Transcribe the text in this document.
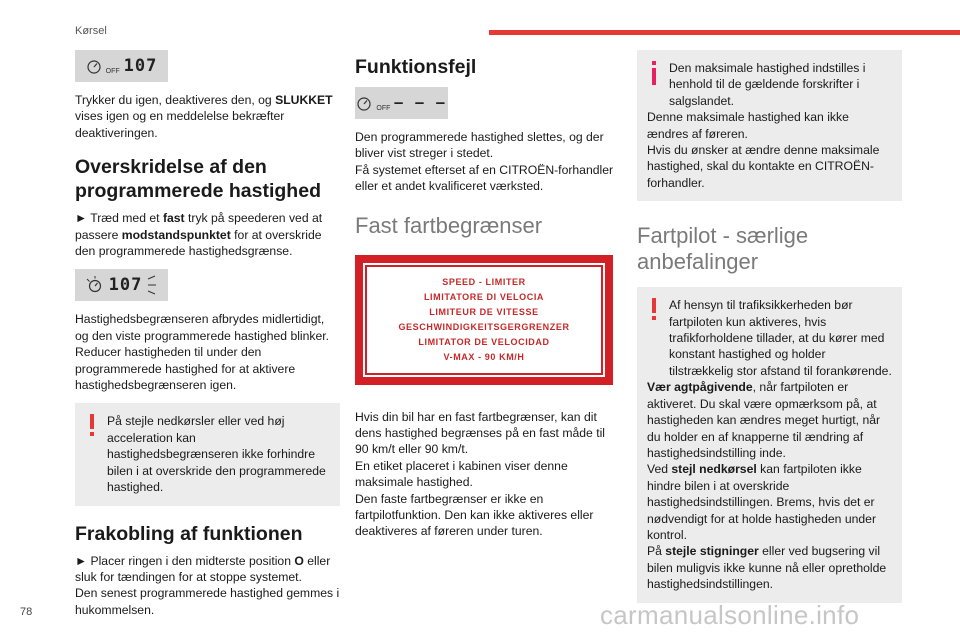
Kørsel
OFF 107

Trykker du igen, deaktiveres den, og SLUKKET vises igen og en meddelelse bekræfter deaktiveringen.

Overskridelse af den programmerede hastighed

► Træd med et fast tryk på speederen ved at passere modstandspunktet for at overskride den programmerede hastighedsgrænse.

107

Hastighedsbegrænseren afbrydes midlertidigt, og den viste programmerede hastighed blinker. Reducer hastigheden til under den programmerede hastighed for at aktivere hastighedsbegrænseren igen.

På stejle nedkørsler eller ved høj acceleration kan hastighedsbegrænseren ikke forhindre bilen i at overskride den programmerede hastighed.

Frakobling af funktionen

► Placer ringen i den midterste position O eller sluk for tændingen for at stoppe systemet.

Den senest programmerede hastighed gemmes i hukommelsen.

Funktionsfejl
OFF – – –

Den programmerede hastighed slettes, og der bliver vist streger i stedet.

Få systemet efterset af en CITROËN-forhandler eller et andet kvalificeret værksted.

Fast fartbegrænser
SPEED - LIMITER
LIMITATORE DI VELOCIA
LIMITEUR DE VITESSE
GESCHWINDIGKEITSGERGRENZER
LIMITATOR DE VELOCIDAD
V-MAX - 90 KM/H

Hvis din bil har en fast fartbegrænser, kan dit dens hastighed begrænses på en fast måde til 90 km/t eller 90 km/t.

En etiket placeret i kabinen viser denne maksimale hastighed.

Den faste fartbegrænser er ikke en fartpilotfunktion. Den kan ikke aktiveres eller deaktiveres af føreren under turen.

Den maksimale hastighed indstilles i henhold til de gældende forskrifter i salgslandet.

Denne maksimale hastighed kan ikke ændres af føreren.

Hvis du ønsker at ændre denne maksimale hastighed, skal du kontakte en CITROËN-forhandler.

Fartpilot - særlige anbefalinger

Af hensyn til trafiksikkerheden bør fartpiloten kun aktiveres, hvis trafikforholdene tillader, at du kører med konstant hastighed og holder tilstrækkelig stor afstand til forankørende.

Vær agtpågivende, når fartpiloten er aktiveret. Du skal være opmærksom på, at hastigheden kan ændres meget hurtigt, når du holder en af knapperne til ændring af hastighedsindstilling inde.

Ved stejl nedkørsel kan fartpiloten ikke hindre bilen i at overskride hastighedsindstillingen. Brems, hvis det er nødvendigt for at holde hastigheden under kontrol.

På stejle stigninger eller ved bugsering vil bilen muligvis ikke kunne nå eller opretholde hastighedsindstillingen.

78	carmanualsonline.info
